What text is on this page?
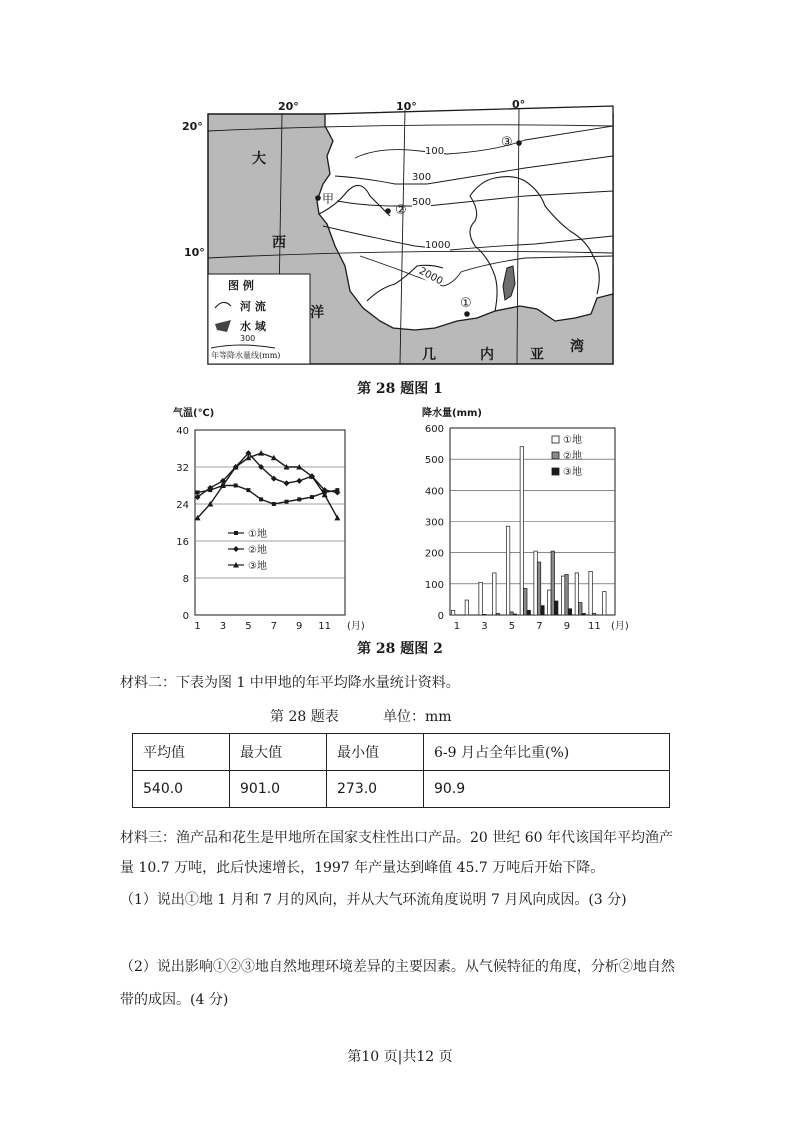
20°	10°	0°
20°
10°
大
西
洋
几	内	亚 湾
100
300
500
1000
2000
甲
②
③
①
图 例
河 流
水 域
300
年等降水量线(mm)
第 28 题图 1
0
8
16
24
32
40
1 3 5 7 9 11 (月)
气温(℃)
①地
②地
③地
0
100
200
300
400
500
600
1 3 5 7 9 11 (月)
降水量(mm)
①地
②地
③地
第 28 题图 2
材料二：下表为图 1 中甲地的年平均降水量统计资料。
第 28 题表	单位：mm
平均值	最大值	最小值	6-9 月占全年比重(%)
540.0	901.0	273.0	90.9
材料三：渔产品和花生是甲地所在国家支柱性出口产品。20 世纪 60 年代该国年平均渔产
量 10.7 万吨，此后快速增长，1997 年产量达到峰值 45.7 万吨后开始下降。
（1）说出①地 1 月和 7 月的风向，并从大气环流角度说明 7 月风向成因。(3 分)
（2）说出影响①②③地自然地理环境差异的主要因素。从气候特征的角度，分析②地自然
带的成因。(4 分)
第10 页|共12 页
